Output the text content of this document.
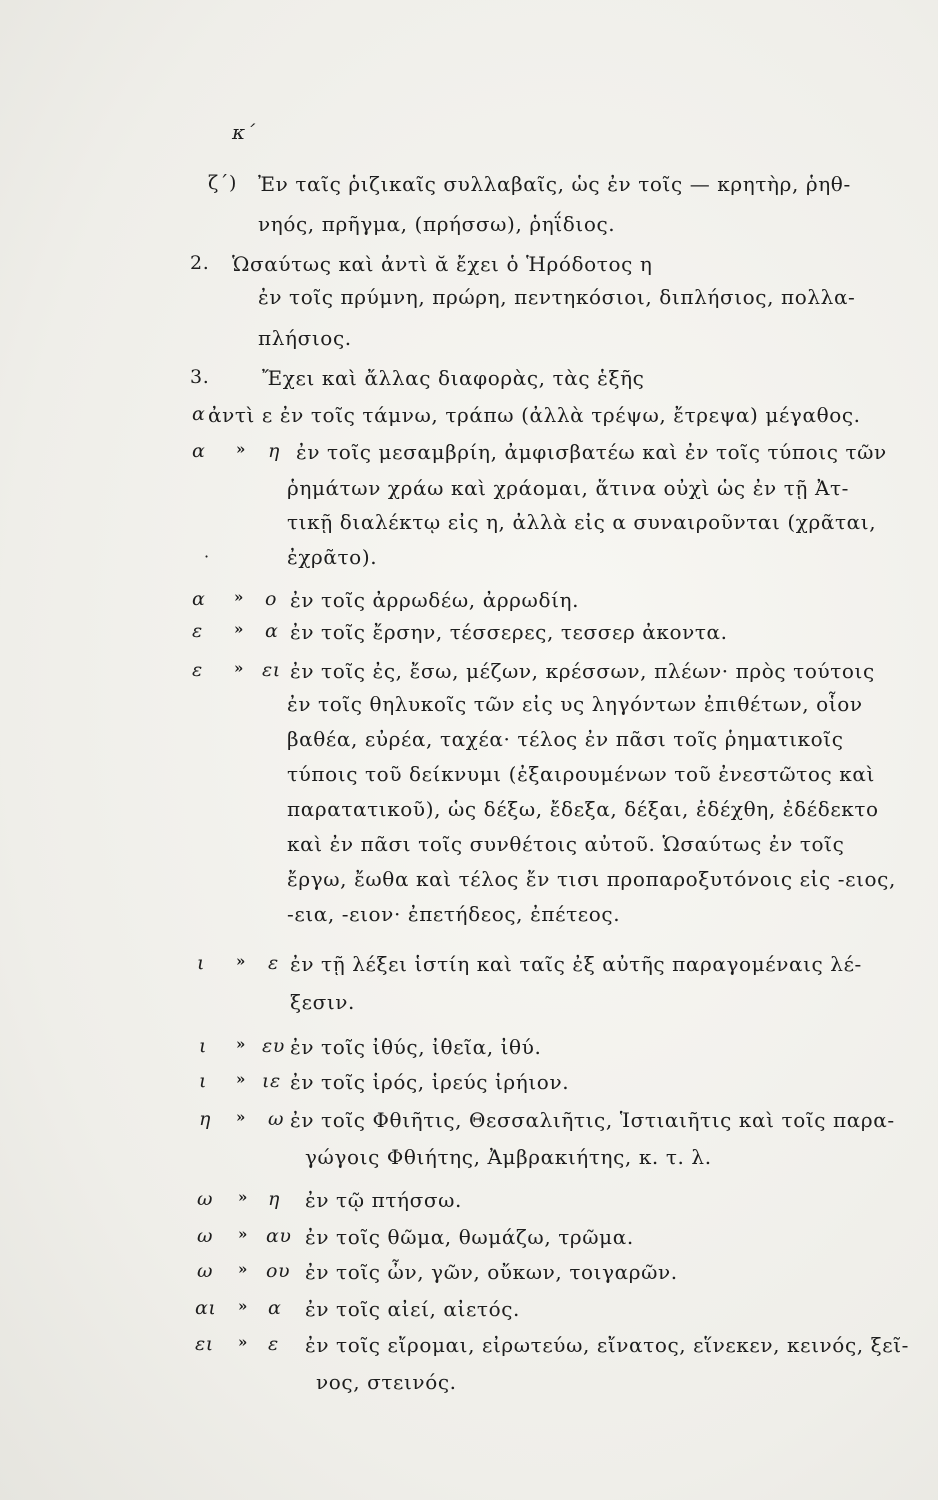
κ΄
ζ΄) Ἐν ταῖς ῥιζικαῖς συλλαβαῖς, ὡς ἐν τοῖς — κρητὴρ, ῥηθ-
νηός, πρῆγμα, (πρήσσω), ῥηΐδιος.
2. Ὡσαύτως καὶ ἀντὶ ᾰ ἔχει ὁ Ἡρόδοτος η
ἐν τοῖς πρύμνη, πρώρη, πεντηκόσιοι, διπλήσιος, πολλα-
πλήσιος.
3.	Ἔχει καὶ ἄλλας διαφορὰς, τὰς ἑξῆς
α ἀντὶ ε ἐν τοῖς τάμνω, τράπω (ἀλλὰ τρέψω, ἔτρεψα) μέγαθος.
α » η ἐν τοῖς μεσαμβρίη, ἀμφισβατέω καὶ ἐν τοῖς τύποις τῶν
ῥημάτων χράω καὶ χράομαι, ἅτινα οὐχὶ ὡς ἐν τῇ Ἀτ-
τικῇ διαλέκτῳ εἰς η, ἀλλὰ εἰς α συναιροῦνται (χρᾶται,
ἐχρᾶτο).
·
α » ο ἐν τοῖς ἀρρωδέω, ἀρρωδίη.
ε » α ἐν τοῖς ἔρσην, τέσσερες, τεσσερ ἀκοντα.
ε » ει ἐν τοῖς ἐς, ἔσω, μέζων, κρέσσων, πλέων· πρὸς τούτοις
ἐν τοῖς θηλυκοῖς τῶν εἰς υς ληγόντων ἐπιθέτων, οἷον
βαθέα, εὐρέα, ταχέα· τέλος ἐν πᾶσι τοῖς ῥηματικοῖς
τύποις τοῦ δείκνυμι (ἐξαιρουμένων τοῦ ἐνεστῶτος καὶ
παρατατικοῦ), ὡς δέξω, ἔδεξα, δέξαι, ἐδέχθη, ἐδέδεκτο
καὶ ἐν πᾶσι τοῖς συνθέτοις αὐτοῦ. Ὡσαύτως ἐν τοῖς
ἔργω, ἔωθα καὶ τέλος ἔν τισι προπαροξυτόνοις εἰς -ειος,
-εια, -ειον· ἐπετήδεος, ἐπέτεος.
ι » ε ἐν τῇ λέξει ἱστίη καὶ ταῖς ἐξ αὐτῆς παραγομέναις λέ-
ξεσιν.
ι » ευ ἐν τοῖς ἰθύς, ἰθεῖα, ἰθύ.
ι » ιε ἐν τοῖς ἱρός, ἱρεύς ἱρήιον.
η » ω ἐν τοῖς Φθιῆτις, Θεσσαλιῆτις, Ἱστιαιῆτις καὶ τοῖς παρα-
γώγοις Φθιήτης, Ἀμβρακιήτης, κ. τ. λ.
ω » η ἐν τῷ πτήσσω.
ω » αυ ἐν τοῖς θῶμα, θωμάζω, τρῶμα.
ω » ου ἐν τοῖς ὦν, γῶν, οὔκων, τοιγαρῶν.
αι » α ἐν τοῖς αἰεί, αἰετός.
ει » ε ἐν τοῖς εἴρομαι, εἰρωτεύω, εἴνατος, εἵνεκεν, κεινός, ξεῖ-
νος, στεινός.
